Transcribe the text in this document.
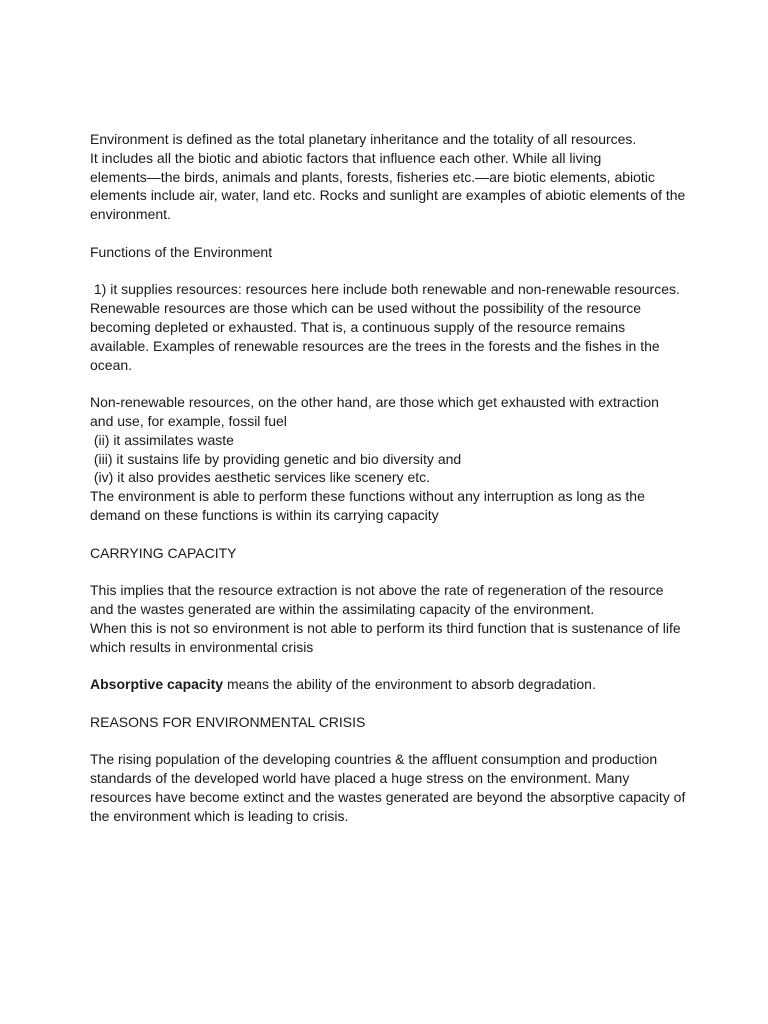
Environment is defined as the total planetary inheritance and the totality of all resources.
It includes all the biotic and abiotic factors that influence each other. While all living
elements—the birds, animals and plants, forests, fisheries etc.—are biotic elements, abiotic
elements include air, water, land etc. Rocks and sunlight are examples of abiotic elements of the
environment.
Functions of the Environment
1) it supplies resources: resources here include both renewable and non-renewable resources.
Renewable resources are those which can be used without the possibility of the resource
becoming depleted or exhausted. That is, a continuous supply of the resource remains
available. Examples of renewable resources are the trees in the forests and the fishes in the
ocean.
Non-renewable resources, on the other hand, are those which get exhausted with extraction
and use, for example, fossil fuel
(ii) it assimilates waste
(iii) it sustains life by providing genetic and bio diversity and
(iv) it also provides aesthetic services like scenery etc.
The environment is able to perform these functions without any interruption as long as the
demand on these functions is within its carrying capacity
CARRYING CAPACITY
This implies that the resource extraction is not above the rate of regeneration of the resource
and the wastes generated are within the assimilating capacity of the environment.
When this is not so environment is not able to perform its third function that is sustenance of life
which results in environmental crisis
Absorptive capacity means the ability of the environment to absorb degradation.
REASONS FOR ENVIRONMENTAL CRISIS
The rising population of the developing countries & the affluent consumption and production
standards of the developed world have placed a huge stress on the environment. Many
resources have become extinct and the wastes generated are beyond the absorptive capacity of
the environment which is leading to crisis.
